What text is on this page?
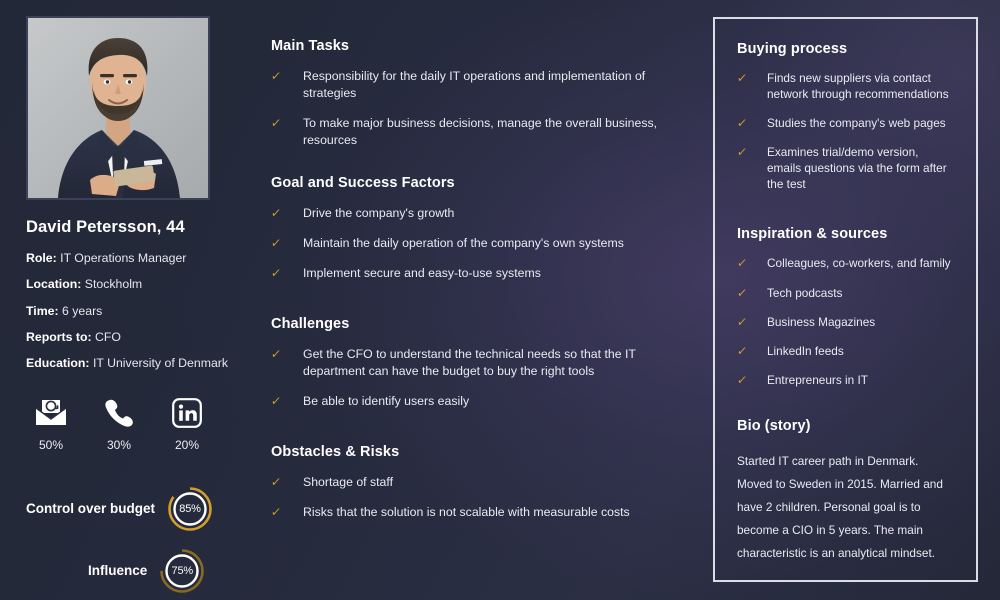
David Petersson, 44
Role: IT Operations Manager
Location: Stockholm
Time: 6 years
Reports to: CFO
Education: IT University of Denmark
50%	30%	20%
Control over budget	85%
Influence	75%
Main Tasks
✓	Responsibility for the daily IT operations and implementation of strategies
✓	To make major business decisions, manage the overall business, resources
Goal and Success Factors
✓	Drive the company's growth
✓	Maintain the daily operation of the company's own systems
✓	Implement secure and easy-to-use systems
Challenges
✓	Get the CFO to understand the technical needs so that the IT department can have the budget to buy the right tools
✓	Be able to identify users easily
Obstacles & Risks
✓	Shortage of staff
✓	Risks that the solution is not scalable with measurable costs
Buying process
✓	Finds new suppliers via contact network through recommendations
✓	Studies the company's web pages
✓	Examines trial/demo version, emails questions via the form after the test
Inspiration & sources
✓	Colleagues, co-workers, and family
✓	Tech podcasts
✓	Business Magazines
✓	LinkedIn feeds
✓	Entrepreneurs in IT
Bio (story)
Started IT career path in Denmark. Moved to Sweden in 2015. Married and have 2 children. Personal goal is to become a CIO in 5 years. The main characteristic is an analytical mindset.
